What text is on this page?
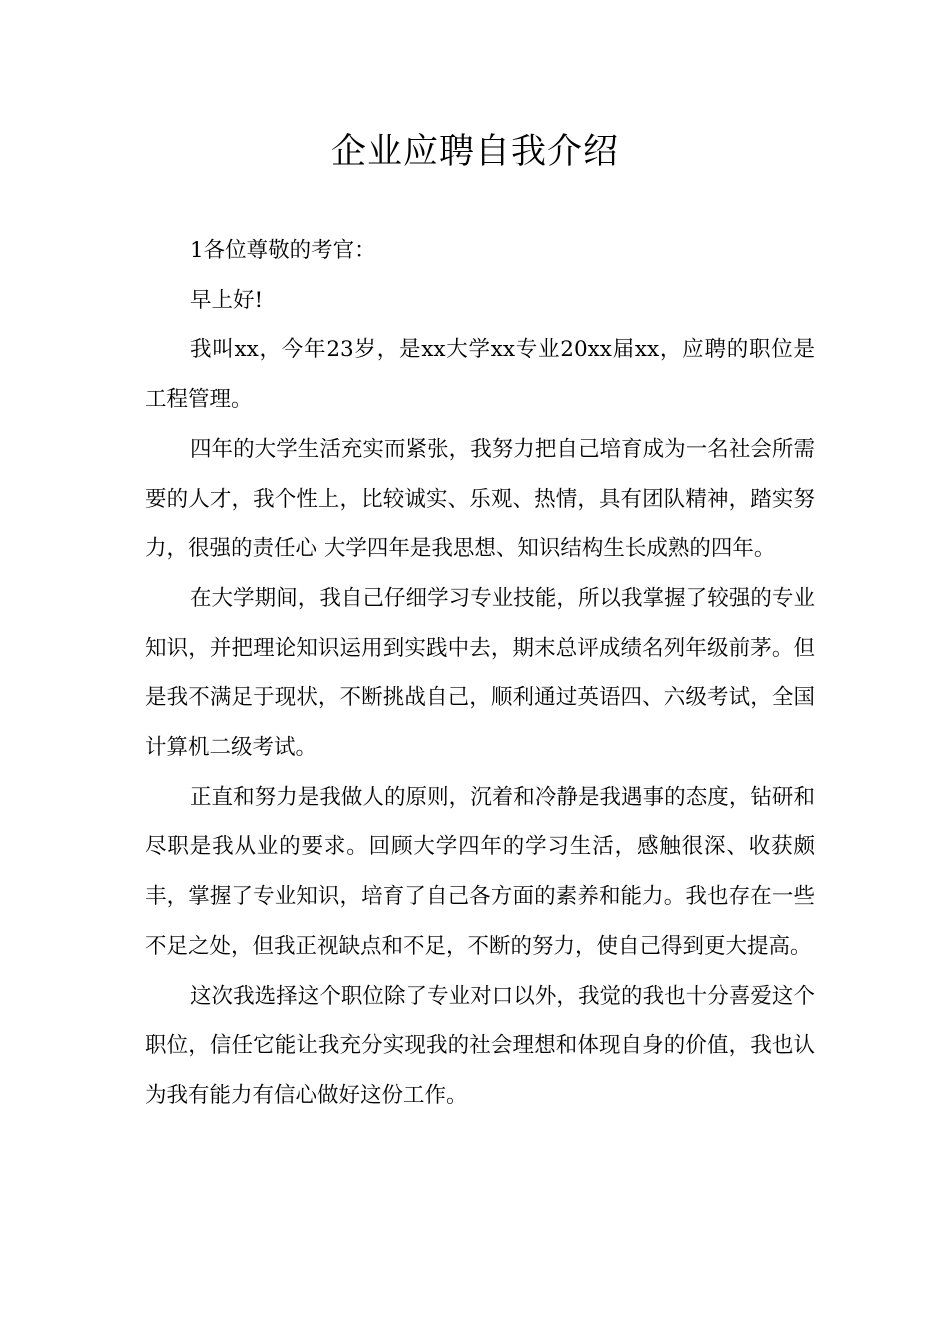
企业应聘自我介绍

1各位尊敬的考官：

早上好!

我叫xx，今年23岁，是xx大学xx专业20xx届xx，应聘的职位是工程管理。

四年的大学生活充实而紧张，我努力把自己培育成为一名社会所需要的人才，我个性上，比较诚实、乐观、热情，具有团队精神，踏实努力，很强的责任心 大学四年是我思想、知识结构生长成熟的四年。

在大学期间，我自己仔细学习专业技能，所以我掌握了较强的专业知识，并把理论知识运用到实践中去，期末总评成绩名列年级前茅。但是我不满足于现状，不断挑战自己，顺利通过英语四、六级考试，全国计算机二级考试。

正直和努力是我做人的原则，沉着和冷静是我遇事的态度，钻研和尽职是我从业的要求。回顾大学四年的学习生活，感触很深、收获颇丰，掌握了专业知识，培育了自己各方面的素养和能力。我也存在一些不足之处，但我正视缺点和不足，不断的努力，使自己得到更大提高。

这次我选择这个职位除了专业对口以外，我觉的我也十分喜爱这个职位，信任它能让我充分实现我的社会理想和体现自身的价值，我也认为我有能力有信心做好这份工作。
